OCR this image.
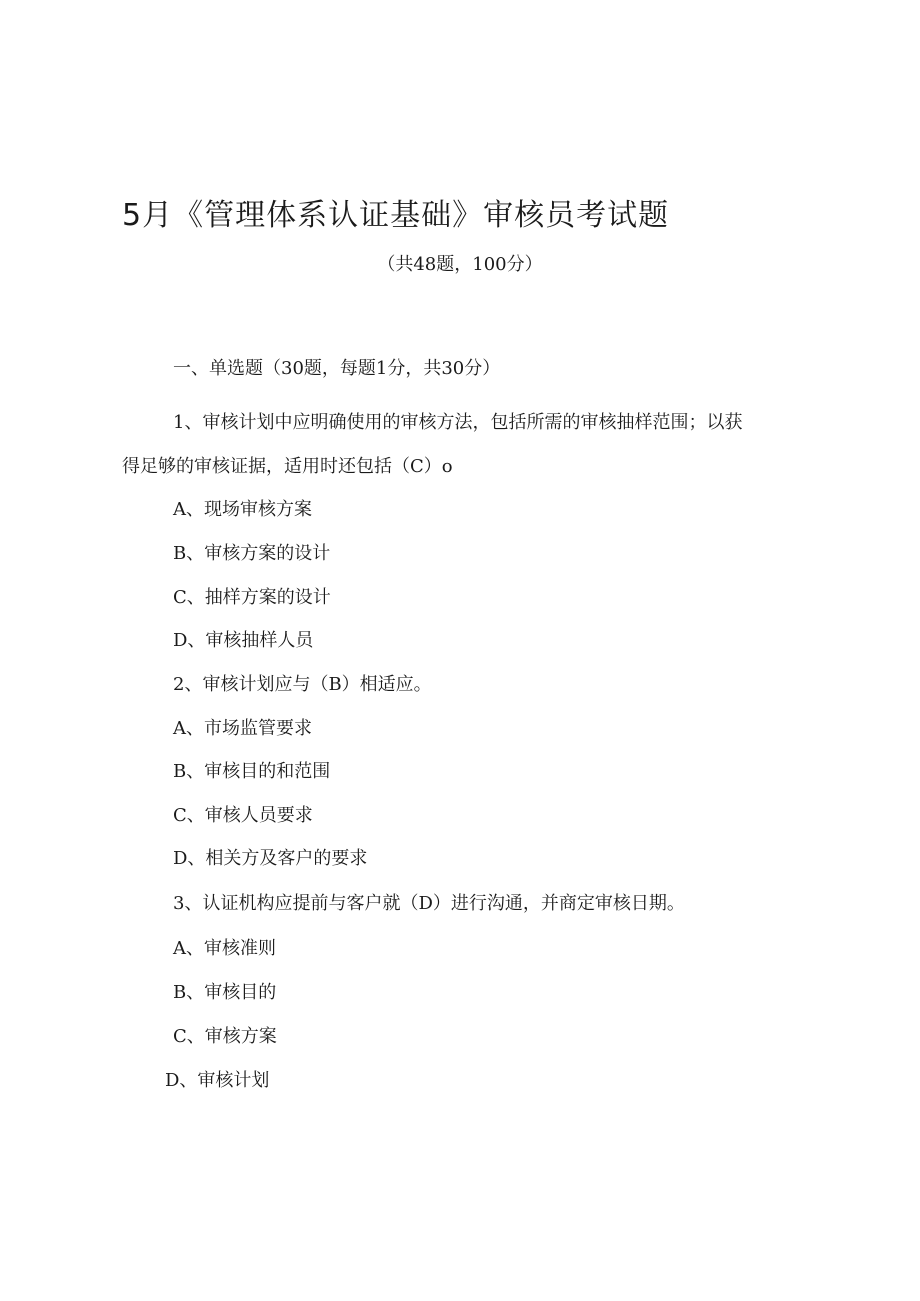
5月《管理体系认证基础》审核员考试题
（共48题，100分）
一、单选题（30题，每题1分，共30分）
1、审核计划中应明确使用的审核方法，包括所需的审核抽样范围；以获
得足够的审核证据，适用时还包括（C）o
A、现场审核方案
B、审核方案的设计
C、抽样方案的设计
D、审核抽样人员
2、审核计划应与（B）相适应。
A、市场监管要求
B、审核目的和范围
C、审核人员要求
D、相关方及客户的要求
3、认证机构应提前与客户就（D）进行沟通，并商定审核日期。
A、审核准则
B、审核目的
C、审核方案
D、审核计划
